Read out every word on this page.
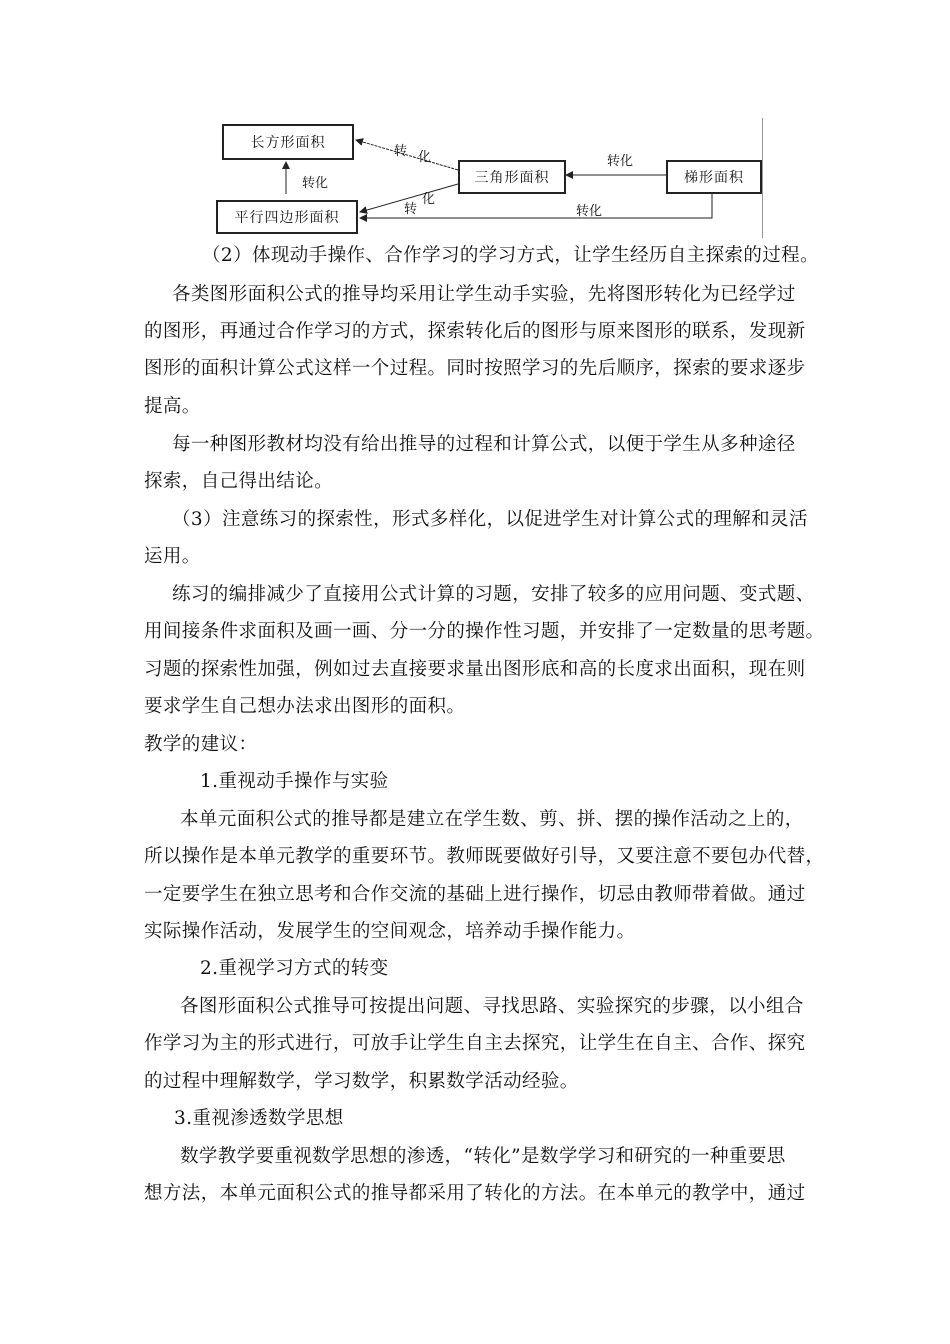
长方形面积
平行四边形面积
三角形面积	梯形面积
转 化
转化
化
转
转化
转化
（2）体现动手操作、合作学习的学习方式，让学生经历自主探索的过程。
各类图形面积公式的推导均采用让学生动手实验，先将图形转化为已经学过
的图形，再通过合作学习的方式，探索转化后的图形与原来图形的联系，发现新
图形的面积计算公式这样一个过程。同时按照学习的先后顺序，探索的要求逐步
提高。
每一种图形教材均没有给出推导的过程和计算公式，以便于学生从多种途径
探索，自己得出结论。
（3）注意练习的探索性，形式多样化，以促进学生对计算公式的理解和灵活
运用。
练习的编排减少了直接用公式计算的习题，安排了较多的应用问题、变式题、
用间接条件求面积及画一画、分一分的操作性习题，并安排了一定数量的思考题。
习题的探索性加强，例如过去直接要求量出图形底和高的长度求出面积，现在则
要求学生自己想办法求出图形的面积。
教学的建议：
1.重视动手操作与实验
本单元面积公式的推导都是建立在学生数、剪、拼、摆的操作活动之上的，
所以操作是本单元教学的重要环节。教师既要做好引导，又要注意不要包办代替，
一定要学生在独立思考和合作交流的基础上进行操作，切忌由教师带着做。通过
实际操作活动，发展学生的空间观念，培养动手操作能力。
2.重视学习方式的转变
各图形面积公式推导可按提出问题、寻找思路、实验探究的步骤，以小组合
作学习为主的形式进行，可放手让学生自主去探究，让学生在自主、合作、探究
的过程中理解数学，学习数学，积累数学活动经验。
3.重视渗透数学思想
数学教学要重视数学思想的渗透，“转化”是数学学习和研究的一种重要思
想方法，本单元面积公式的推导都采用了转化的方法。在本单元的教学中，通过
